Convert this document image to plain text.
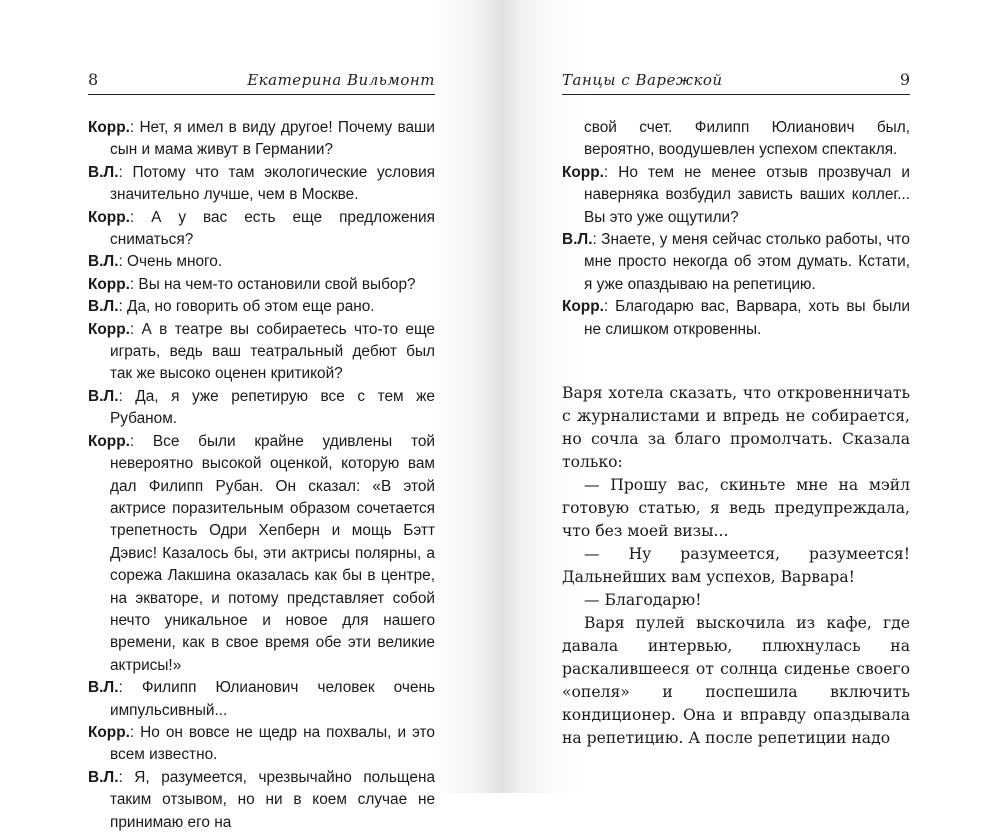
8	Екатерина Вильмонт

Корр.: Нет, я имел в виду другое! Почему ваши сын и мама живут в Германии?

В.Л.: Потому что там экологические условия значительно лучше, чем в Москве.

Корр.: А у вас есть еще предложения сниматься?

В.Л.: Очень много.

Корр.: Вы на чем-то остановили свой выбор?

В.Л.: Да, но говорить об этом еще рано.

Корр.: А в театре вы собираетесь что-то еще играть, ведь ваш театральный дебют был так же высоко оценен критикой?

В.Л.: Да, я уже репетирую все с тем же Рубаном.

Корр.: Все были крайне удивлены той невероятно высокой оценкой, которую вам дал Филипп Рубан. Он сказал: «В этой актрисе поразительным образом сочетается трепетность Одри Хепберн и мощь Бэтт Дэвис! Казалось бы, эти актрисы полярны, а сорежа Лакшина оказалась как бы в центре, на экваторе, и потому представляет собой нечто уникальное и новое для нашего времени, как в свое время обе эти великие актрисы!»

В.Л.: Филипп Юлианович человек очень импульсивный...

Корр.: Но он вовсе не щедр на похвалы, и это всем известно.

В.Л.: Я, разумеется, чрезвычайно польщена таким отзывом, но ни в коем случае не принимаю его на

Танцы с Варежкой	9

свой счет. Филипп Юлианович был, вероятно, воодушевлен успехом спектакля.

Корр.: Но тем не менее отзыв прозвучал и наверняка возбудил зависть ваших коллег... Вы это уже ощутили?

В.Л.: Знаете, у меня сейчас столько работы, что мне просто некогда об этом думать. Кстати, я уже опаздываю на репетицию.

Корр.: Благодарю вас, Варвара, хоть вы были не слишком откровенны.

Варя хотела сказать, что откровенничать с журналистами и впредь не собирается, но сочла за благо промолчать. Сказала только:

— Прошу вас, скиньте мне на мэйл готовую статью, я ведь предупреждала, что без моей визы...

— Ну разумеется, разумеется! Дальнейших вам успехов, Варвара!

— Благодарю!

Варя пулей выскочила из кафе, где давала интервью, плюхнулась на раскалившееся от солнца сиденье своего «опеля» и поспешила включить кондиционер. Она и вправду опаздывала на репетицию. А после репетиции надо
